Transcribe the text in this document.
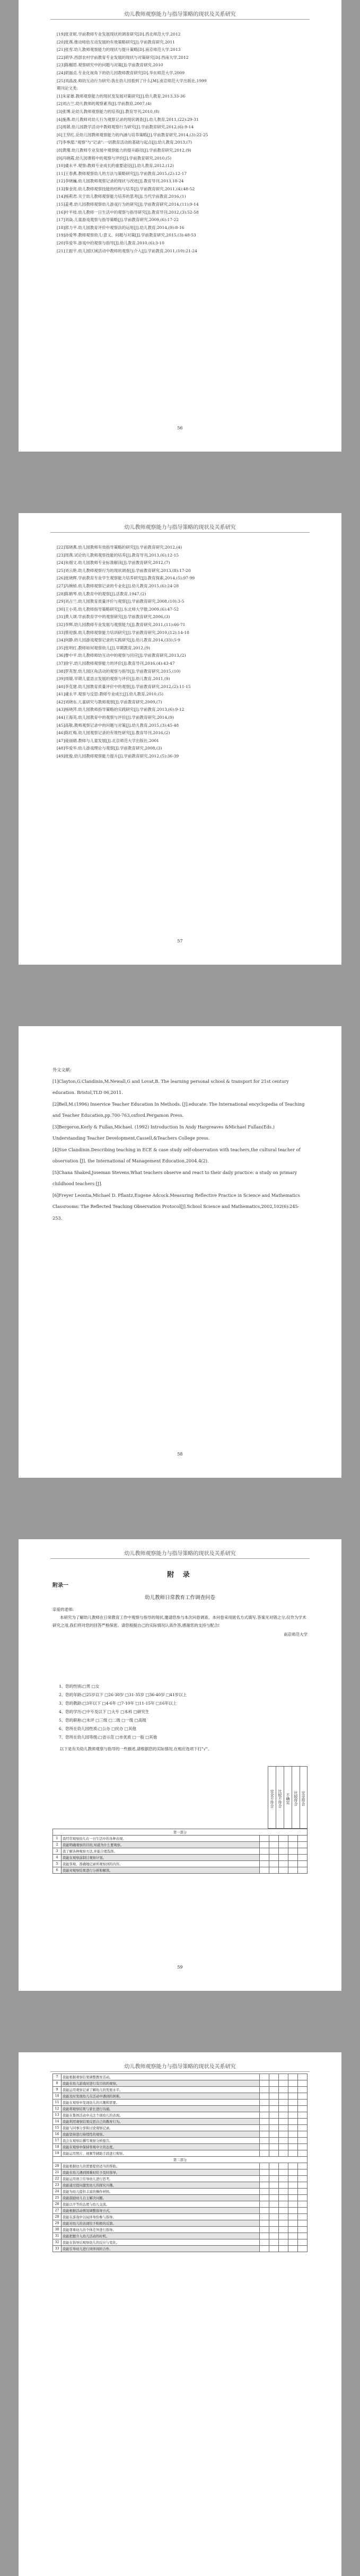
幼儿教师观察能力与指导策略的现状及关系研究

[19]张亚妮.学前教师专业发展现状的调查研究[D].西北师范大学,2012

[20]张燕.推动师幼互动发展的有效策略研究[J].学前教育研究,2011

[21]张雪.幼儿教师观察能力的现状与提升策略[D].南京师范大学,2013

[22]胡华.西部农村学前教育专业发展的现状与对策研究[D].西南大学,2012

[23]陈帼眉.观察研究中的问题与对策[J].学前教育研究,2010

[24]胡福贞.专业化视角下的幼儿园教师教育研究[D].华东师范大学,2009

[25]刘晶波.师幼互动行为研究:我在幼儿园看到了什么[M].南京师范大学出版社,1999

期刊论文类:

[1]朱家雄.教师观察能力的现状及发展对策研究[J].幼儿教育,2013,33-36

[2]刘占兰.幼儿教师的观察素养[J].学前教育,2007,(4)

[3]张博.论幼儿教师观察能力的培养[J].教育导刊,2010,(8)

[4]施燕.幼儿教师对幼儿行为观察记录的现状调查[J].幼儿教育,2011,(22):29-31

[5]周兢.幼儿园教学活动中教师观察行为研究[J].学前教育研究,2012,(6):9-14

[6]王坚红.论幼儿园教师观察能力的内涵与培养策略[J].学前教育研究,2014,(3):22-25

[7]李季湄."观察"与"记录":一切教育活动的基础与起点[J].幼儿教育,2013,(7)

[8]黄瑾.幼儿教师专业发展中观察能力的提升路径[J].学前教育研究,2012,(9)

[9]冯晓霞.幼儿园课程中的观察与评价[J].学前教育研究,2010,(5)

[10]虞永平.观察:教师专业成长的重要途径[J].幼儿教育,2012,(12)

[11]王春燕.教师观察幼儿的方法与策略研究[J].学前教育,2015,(2):12-17

[12]李晓巍.幼儿园教师观察记录的现状与改进[J].教育导刊,2013,18-24

[13]秦金亮.幼儿教师观察技能的结构与培养[J].学前教育研究,2011,(4):48-52

[14]杨莉君.关于幼儿教师观察能力培养的思考[J].当代学前教育,2016,(1)

[15]姜勇.幼儿园教师观察幼儿游戏行为的研究[J].学前教育研究,2014,(11):9-14

[16]叶平枝.幼儿教师一日生活中的观察与指导研究[J].教育导刊,2012,(3):52-58

[17]刘焱.儿童游戏观察与指导策略[J].学前教育研究,2009,(6):17-22

[18]郭力平.幼儿园教育评价中观察法的运用[J].幼儿教育,2014,(9):8-16

[19]孙爱琴.教师观察幼儿:意义、问题与对策[J].学前教育研究,2015,(3):48-53

[20]华爱华.游戏中的观察与指导[J].幼儿教育,2010,(6):3-10

[21]王振宇.幼儿园区域活动中教师的观察与介入[J].学前教育,2011,(10):21-24

56
幼儿教师观察能力与指导策略的现状及关系研究

[22]邹晓燕.幼儿园教师有效指导策略的研究[J].学前教育研究,2012,(4)

[23]周燕.试论幼儿教师观察技能的培养[J].教育导刊,2013,(6):12-15

[24]朱细文.幼儿园教师专业标准解读[J].学前教育研究,2012,(7)

[25]刘云艳.幼儿教师观察行为的现状调查[J].学前教育研究,2013,(8):17-20

[26]张晓辉.学前教育专业学生观察能力培养研究[J].教育探索,2014,(5):97-99

[27]冯婉桢.幼儿教师观察记录的专业化[J].幼儿教育,2015,(6):24-28

[28]陈鹤琴.幼儿教育中的观察[J].活教育,1947,(2)

[29]刘占兰.幼儿园教育质量评价与观察[J].学前教育研究,2008,(10):3-5

[30]王小英.幼儿教师指导策略研究[J].东北师大学报,2009,(6):47-52

[31]黄人颂.学前教育学中的观察研究[J].学前教育研究,2006,(3)

[32]李辉.幼儿园教师专业发展与观察能力[J].教育研究,2011,(11):66-71

[33]蔡迎旗.幼儿教师观察能力培训研究[J].学前教育研究,2010,(12):14-18

[34]何静.幼儿园游戏观察记录的实践研究[J].幼儿教育,2014,(33):5-9

[35]张明红.教师如何观察幼儿[J].早期教育,2012,(9)

[36]曹中平.幼儿教师师幼互动中的观察与回应[J].学前教育研究,2013,(2)

[37]徐宇.幼儿园教师观察能力的评价[J].教育导刊,2016,(4):43-47

[38]罗英智.幼儿园区角活动的观察与指导[J].学前教育研究,2015,(10)

[39]周兢.早期儿童语言发展的观察与评价[J].幼儿教育,2011,(9)

[40]李克建.幼儿园教育质量评价中的观察[J].学前教育研究,2012,(2):11-15

[41]虞永平.观察与反思:教师专业成长[J].幼儿教育,2010,(5)

[42]刘晓东.儿童研究与教师观察[J].学前教育研究,2009,(7)

[43]杨晓萍.幼儿园教师指导策略的实践研究[J].学前教育,2013,(6):9-12

[44]王海英.幼儿园教育中的观察与评价[J].学前教育研究,2014,(9)

[45]高敬.教师观察记录中的问题与对策[J].幼儿教育,2015,(3):45-48

[46]陈红梅.幼儿园观察记录的有效性研究[J].教育导刊,2016,(2)

[47]庞丽娟.教师与儿童发展[J].北京师范大学出版社,2001

[48]华爱华.幼儿游戏理论与观察[J].学前教育研究,2008,(3)

[49]张俊.幼儿园教师观察能力提升[J].学前教育研究,2012,(5):36-39

57

外文文献:

[1]Clayton,G.Clandinin,M.Newall,G and Lovat,B. The learning personal school & transport for 21st century education. Bristol,TLD 06,2011.

[2]Bell,M.(1996) Inservice Teacher Education In Methods. [J].educate. The International encyclopedia of Teaching and Teacher Education,pp.700-763,oxford.Pergamon Press.

[3]Bergeron,Kerly & Fullan,Michael. (1992) Introduction In Andy Hargreaves &Michael Fullan(Eds.) Understanding Teacher Development,Cassell,&Teachers College press.

[4]Sue Clandinin.Describing teaching in ECE & case study self-observation with teachers,the cultural teacher of observation [J]. the International of Management Education,2004.4(2).

[5]Chana Shaked,Joseman Stevens.What teachers observe and react to their daily practice: a study on primary childhood teachers [J].

[6]Freyer Leontia,Michael D. Pflantz,Eugene Adcock.Measuring Reflective Practice in Science and Mathematics Classrooms: The Reflected Teaching Observation Protocol[J].School Science and Mathematics,2002,102(6):245-253.

58
幼儿教师观察能力与指导策略的现状及关系研究
附 录
附录一
幼儿教师日常教育工作调查问卷

亲爱的老师:

本研究为了解幼儿教师在日常教育工作中观察与指导的现状,邀请您参与本次问卷调查。本问卷采用匿名方式填写,答案无对错之分,仅作为学术研究之用,我们将对您的回答严格保密。请您根据自己的实际情况认真作答,感谢您的支持与配合!

南京师范大学

1、您的性别:□男 □女

2、您的年龄:□25岁以下 □26-30岁 □31-35岁 □36-40岁 □41岁以上

3、您的教龄:□3年以下 □4-6年 □7-10年 □11-15年 □16年以上

4、您的学历:□中专及以下 □大专 □本科 □研究生

5、您的职称:□未评 □三级 □二级 □一级 □高级

6、您所在幼儿园性质:□公办 □民办 □其他

7、您所在幼儿园等级:□省示范 □市优质 □一般 □其他

以下是有关幼儿教师观察与指导的一些描述,请根据您的实际情况,在相应选项下打"√"。

完全不符合	比较不符合	不确定	比较符合 完全符合
第一部分						
1	我经常观察幼儿在一日生活中的各种表现。					
2	我能明确观察的目的,知道为什么要观察。					
3	我了解各种观察方法,并能合理选择。					
4	我能在观察前制订观察计划。					
5	我能客观、准确地记录所观察到的内容。					
6	我能对观察结果进行分析和解读。					
59
幼儿教师观察能力与指导策略的现状及关系研究
7	我能根据观察结果调整教育活动。					
8	我能在幼儿游戏时进行有目的的观察。					
9	我能运用观察记录了解幼儿的发展水平。					
10	我能及时发现幼儿在活动中遇到的困难。					
11	我能在观察中发现幼儿的兴趣和需要。					
12	我能将观察结果与家长进行沟通。					
13	我能在集体活动中关注个别幼儿的表现。					
14	我能利用观察结果反思自己的教育行为。					
15	我能与同事分享和讨论观察记录。					
16	我能坚持进行持续性的观察。					
17	我会在观察后撰写观察分析报告。					
18	我能在观察中保持客观中立的态度。					
19	我能运用照片、视频等辅助手段进行观察。					
第二部分						
20	我能根据幼儿的需要提供适当的帮助。					
21	我能在幼儿遇到困难时给予及时指导。					
22	我能运用语言引导幼儿进行思考。					
23	我能通过提问激发幼儿的探究兴趣。					
24	我能为幼儿提供丰富的操作材料。					
25	我能鼓励幼儿自主解决问题。					
26	我能以平等的态度与幼儿交流。					
27	我能根据活动情况调整指导方式。					
28	我能在游戏中以玩伴身份参与指导。					
29	我能对幼儿的表现给予积极的反馈。					
30	我能尊重幼儿的个体差异进行指导。					
31	我能把握介入幼儿活动的时机。					
32	我能在指导后观察幼儿的反应与变化。					
33	我能引导幼儿进行同伴间的合作。					
